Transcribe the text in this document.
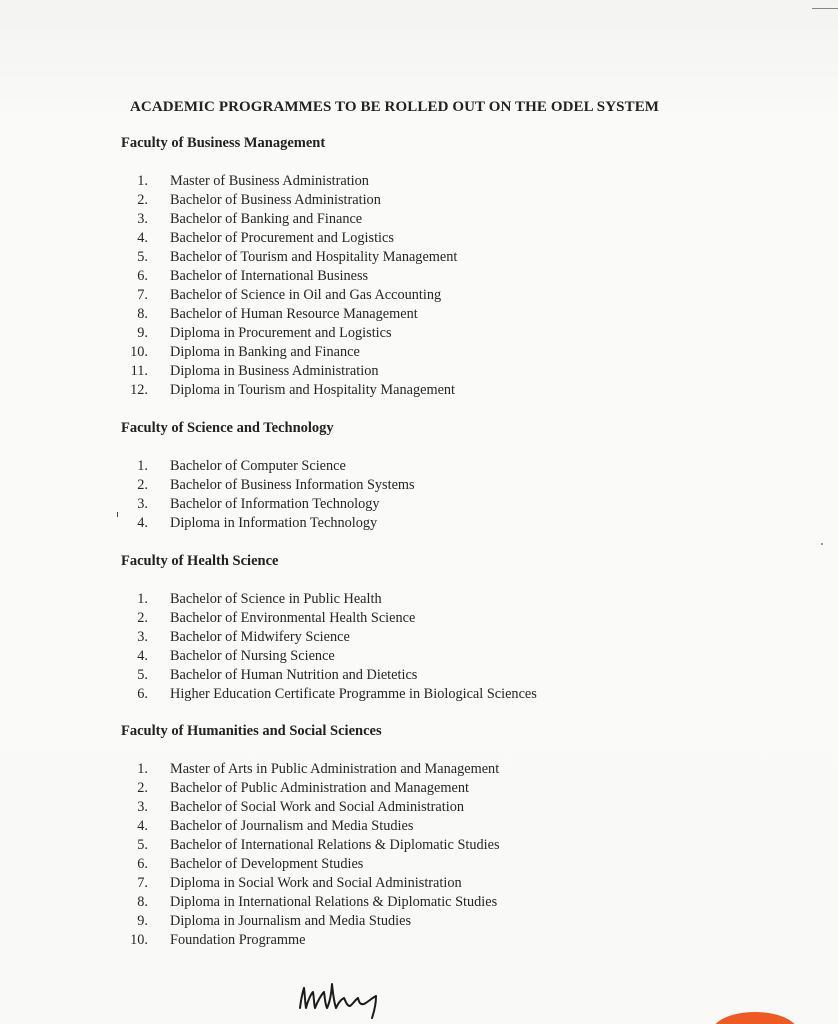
ACADEMIC PROGRAMMES TO BE ROLLED OUT ON THE ODEL SYSTEM
Faculty of Business Management
1. Master of Business Administration
2. Bachelor of Business Administration
3. Bachelor of Banking and Finance
4. Bachelor of Procurement and Logistics
5. Bachelor of Tourism and Hospitality Management
6. Bachelor of International Business
7. Bachelor of Science in Oil and Gas Accounting
8. Bachelor of Human Resource Management
9. Diploma in Procurement and Logistics
10. Diploma in Banking and Finance
11. Diploma in Business Administration
12. Diploma in Tourism and Hospitality Management
Faculty of Science and Technology
1. Bachelor of Computer Science
2. Bachelor of Business Information Systems
3. Bachelor of Information Technology
4. Diploma in Information Technology
Faculty of Health Science
1. Bachelor of Science in Public Health
2. Bachelor of Environmental Health Science
3. Bachelor of Midwifery Science
4. Bachelor of Nursing Science
5. Bachelor of Human Nutrition and Dietetics
6. Higher Education Certificate Programme in Biological Sciences
Faculty of Humanities and Social Sciences
1. Master of Arts in Public Administration and Management
2. Bachelor of Public Administration and Management
3. Bachelor of Social Work and Social Administration
4. Bachelor of Journalism and Media Studies
5. Bachelor of International Relations & Diplomatic Studies
6. Bachelor of Development Studies
7. Diploma in Social Work and Social Administration
8. Diploma in International Relations & Diplomatic Studies
9. Diploma in Journalism and Media Studies
10. Foundation Programme
